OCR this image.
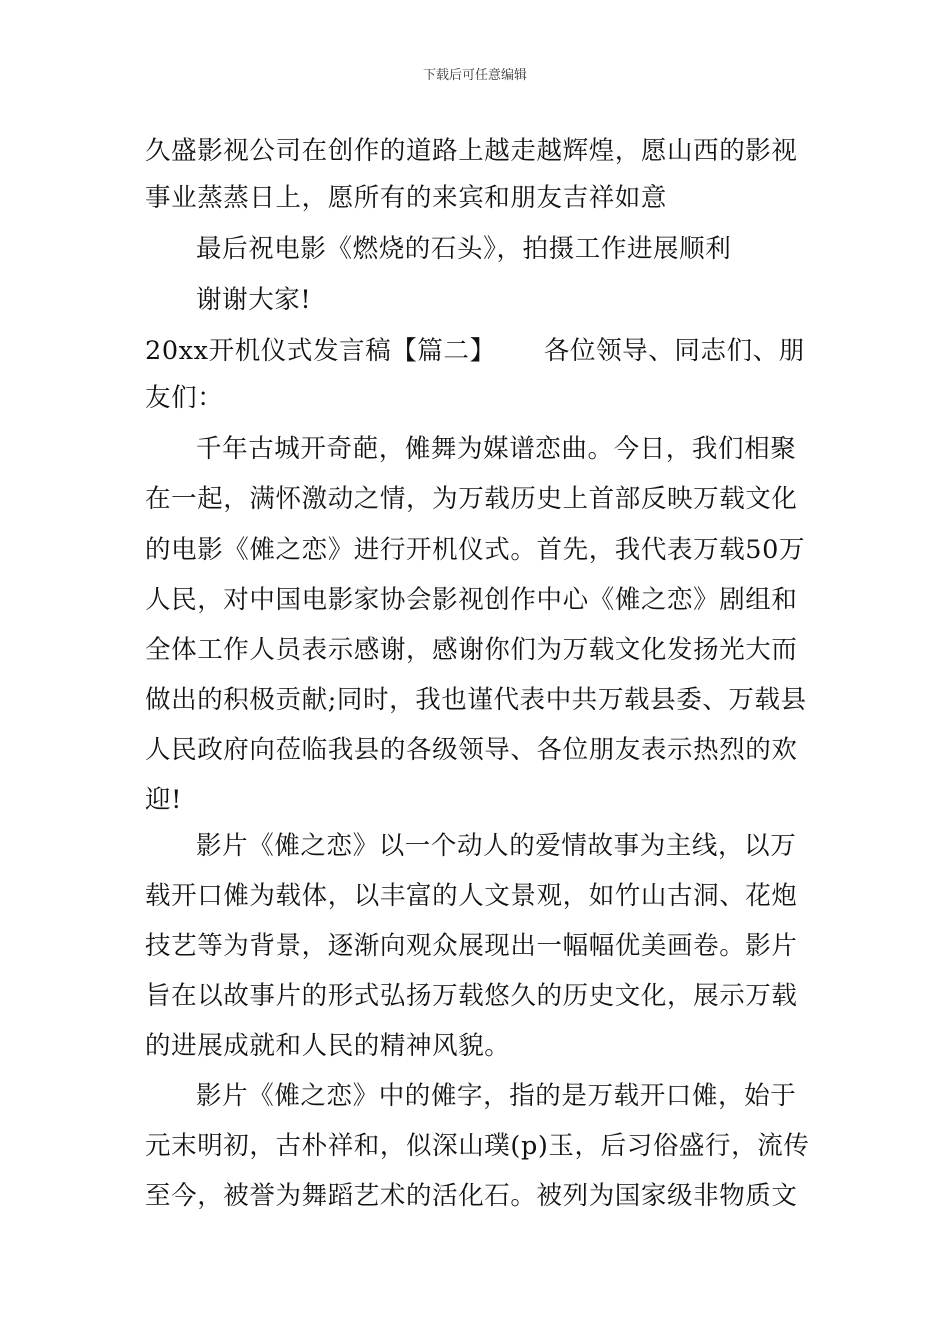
下载后可任意编辑
久盛影视公司在创作的道路上越走越辉煌，愿山西的影视
事业蒸蒸日上，愿所有的来宾和朋友吉祥如意
最后祝电影《燃烧的石头》，拍摄工作进展顺利
谢谢大家!
20xx开机仪式发言稿【篇二】　　 各位领导、同志们、朋
友们：
千年古城开奇葩，傩舞为媒谱恋曲。今日，我们相聚
在一起，满怀激动之情，为万载历史上首部反映万载文化
的电影《傩之恋》进行开机仪式。首先，我代表万载50万
人民，对中国电影家协会影视创作中心《傩之恋》剧组和
全体工作人员表示感谢，感谢你们为万载文化发扬光大而
做出的积极贡献;同时，我也谨代表中共万载县委、万载县
人民政府向莅临我县的各级领导、各位朋友表示热烈的欢
迎!
影片《傩之恋》以一个动人的爱情故事为主线，以万
载开口傩为载体，以丰富的人文景观，如竹山古洞、花炮
技艺等为背景，逐渐向观众展现出一幅幅优美画卷。影片
旨在以故事片的形式弘扬万载悠久的历史文化，展示万载
的进展成就和人民的精神风貌。
影片《傩之恋》中的傩字，指的是万载开口傩，始于
元末明初，古朴祥和，似深山璞(p)玉，后习俗盛行，流传
至今，被誉为舞蹈艺术的活化石。被列为国家级非物质文
